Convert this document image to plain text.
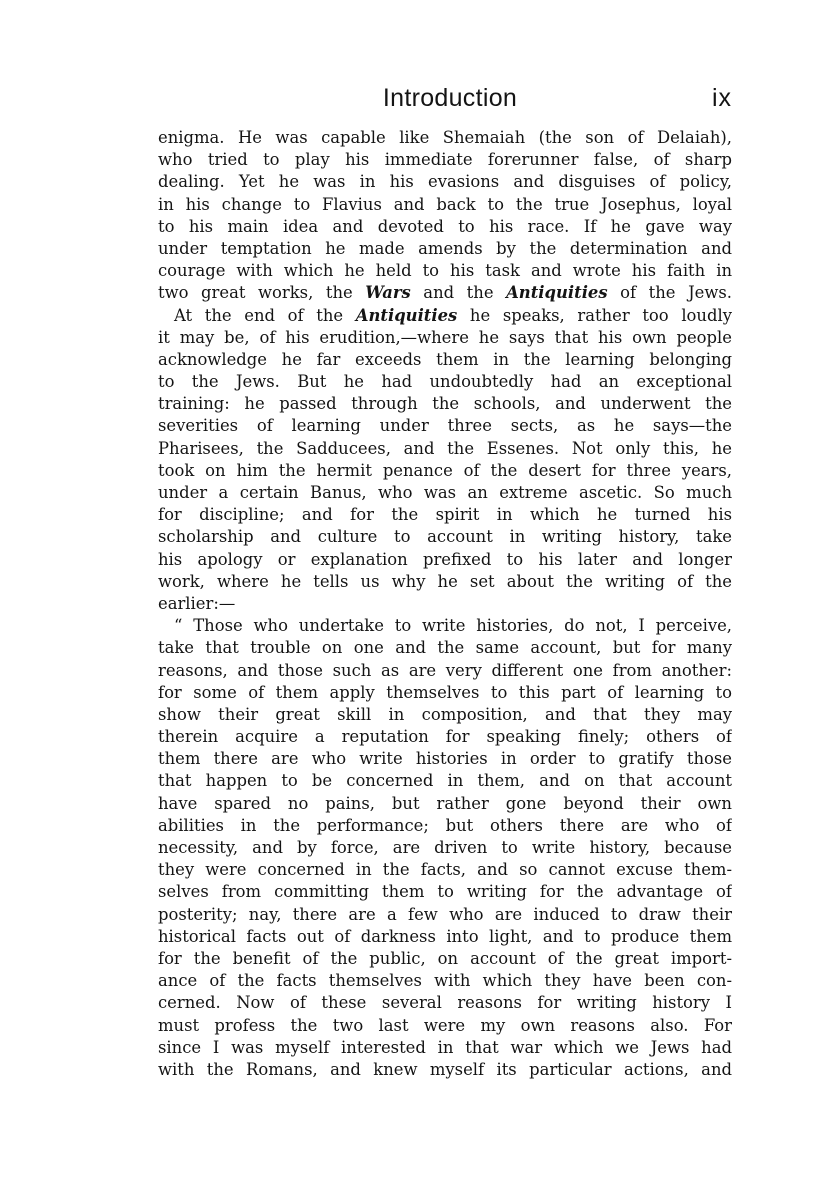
Introduction	ix
enigma. He was capable like Shemaiah (the son of Delaiah),
who tried to play his immediate forerunner false, of sharp
dealing. Yet he was in his evasions and disguises of policy,
in his change to Flavius and back to the true Josephus, loyal
to his main idea and devoted to his race. If he gave way
under temptation he made amends by the determination and
courage with which he held to his task and wrote his faith in
two great works, the Wars and the Antiquities of the Jews.
At the end of the Antiquities he speaks, rather too loudly
it may be, of his erudition,—where he says that his own people
acknowledge he far exceeds them in the learning belonging
to the Jews. But he had undoubtedly had an exceptional
training: he passed through the schools, and underwent the
severities of learning under three sects, as he says—the
Pharisees, the Sadducees, and the Essenes. Not only this, he
took on him the hermit penance of the desert for three years,
under a certain Banus, who was an extreme ascetic. So much
for discipline; and for the spirit in which he turned his
scholarship and culture to account in writing history, take
his apology or explanation prefixed to his later and longer
work, where he tells us why he set about the writing of the
earlier:—
“ Those who undertake to write histories, do not, I perceive,
take that trouble on one and the same account, but for many
reasons, and those such as are very different one from another:
for some of them apply themselves to this part of learning to
show their great skill in composition, and that they may
therein acquire a reputation for speaking finely; others of
them there are who write histories in order to gratify those
that happen to be concerned in them, and on that account
have spared no pains, but rather gone beyond their own
abilities in the performance; but others there are who of
necessity, and by force, are driven to write history, because
they were concerned in the facts, and so cannot excuse them-
selves from committing them to writing for the advantage of
posterity; nay, there are a few who are induced to draw their
historical facts out of darkness into light, and to produce them
for the benefit of the public, on account of the great import-
ance of the facts themselves with which they have been con-
cerned. Now of these several reasons for writing history I
must profess the two last were my own reasons also. For
since I was myself interested in that war which we Jews had
with the Romans, and knew myself its particular actions, and
